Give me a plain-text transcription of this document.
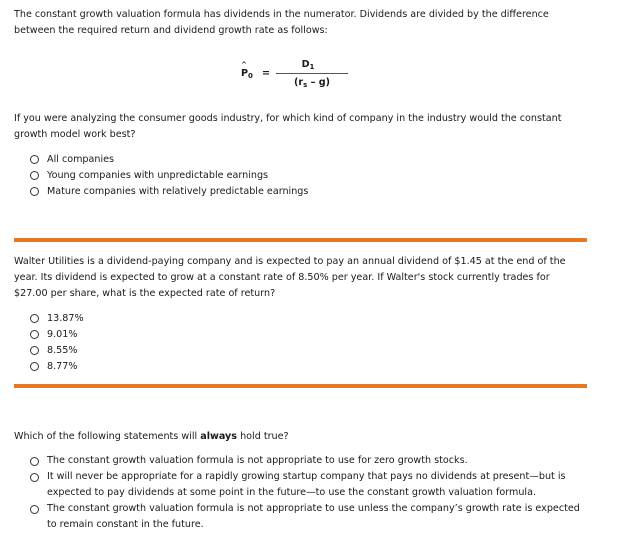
The constant growth valuation formula has dividends in the numerator. Dividends are divided by the difference between the required return and dividend growth rate as follows:
^ $P_0$ =
$D_1$
$(r_s - g)$
If you were analyzing the consumer goods industry, for which kind of company in the industry would the constant growth model work best?
All companies
Young companies with unpredictable earnings
Mature companies with relatively predictable earnings
Walter Utilities is a dividend-paying company and is expected to pay an annual dividend of $1.45 at the end of the year. Its dividend is expected to grow at a constant rate of 8.50% per year. If Walter's stock currently trades for $27.00 per share, what is the expected rate of return?
13.87%
9.01%
8.55%
8.77%
Which of the following statements will always hold true?
The constant growth valuation formula is not appropriate to use for zero growth stocks.
It will never be appropriate for a rapidly growing startup company that pays no dividends at present—but is expected to pay dividends at some point in the future—to use the constant growth valuation formula.
The constant growth valuation formula is not appropriate to use unless the company’s growth rate is expected to remain constant in the future.
